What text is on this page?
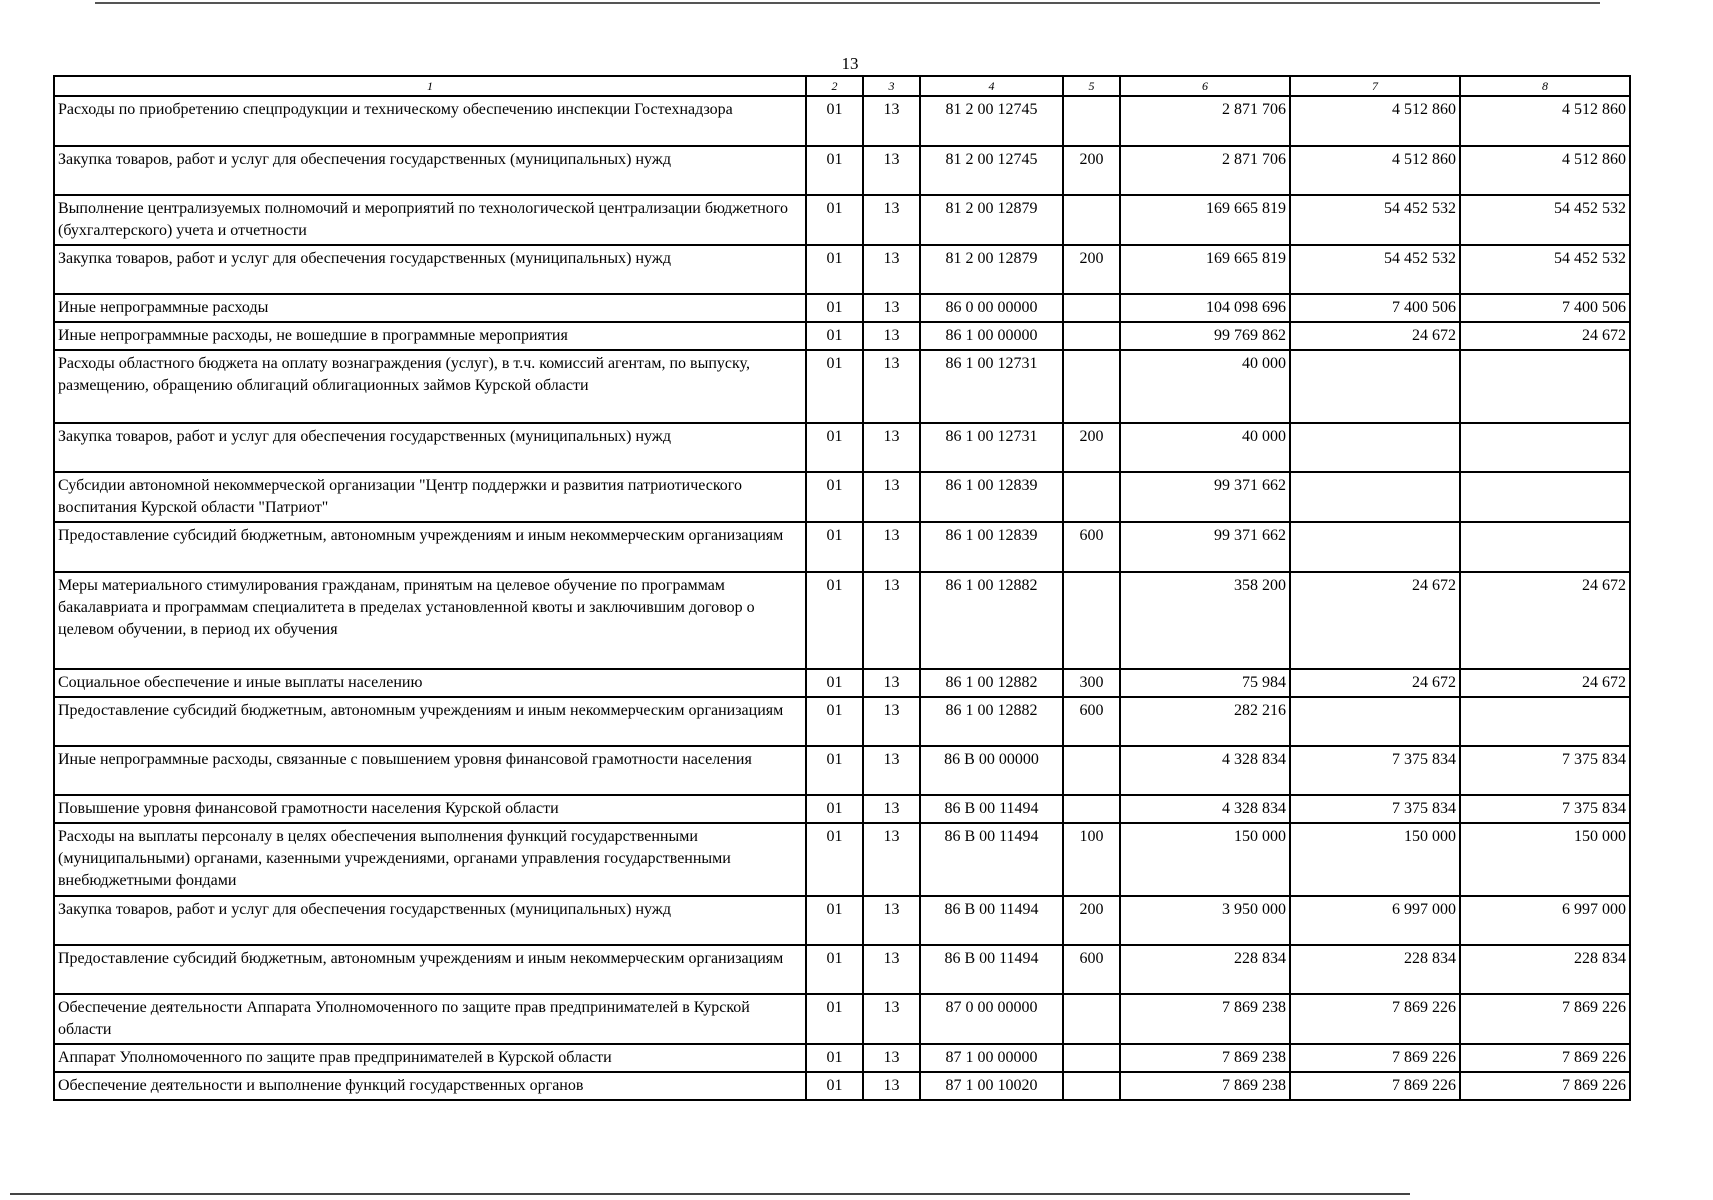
13
1	2	3	4	5	6	7	8
Расходы по приобретению спецпродукции и техническому обеспечению инспекции Гостехнадзора	01	13	81 2 00 12745		2 871 706	4 512 860	4 512 860
Закупка товаров, работ и услуг для обеспечения государственных (муниципальных) нужд	01	13	81 2 00 12745	200	2 871 706	4 512 860	4 512 860
Выполнение централизуемых полномочий и мероприятий по технологической централизации бюджетного (бухгалтерского) учета и отчетности	01	13	81 2 00 12879		169 665 819	54 452 532	54 452 532
Закупка товаров, работ и услуг для обеспечения государственных (муниципальных) нужд	01	13	81 2 00 12879	200	169 665 819	54 452 532	54 452 532
Иные непрограммные расходы	01	13	86 0 00 00000		104 098 696	7 400 506	7 400 506
Иные непрограммные расходы, не вошедшие в программные мероприятия	01	13	86 1 00 00000		99 769 862	24 672	24 672
Расходы областного бюджета на оплату вознаграждения (услуг), в т.ч. комиссий агентам, по выпуску, размещению, обращению облигаций облигационных займов Курской области	01	13	86 1 00 12731		40 000		
Закупка товаров, работ и услуг для обеспечения государственных (муниципальных) нужд	01	13	86 1 00 12731	200	40 000		
Субсидии автономной некоммерческой организации "Центр поддержки и развития патриотического воспитания Курской области "Патриот"	01	13	86 1 00 12839		99 371 662		
Предоставление субсидий бюджетным, автономным учреждениям и иным некоммерческим организациям	01	13	86 1 00 12839	600	99 371 662		
Меры материального стимулирования гражданам, принятым на целевое обучение по программам бакалавриата и программам специалитета в пределах установленной квоты и заключившим договор о целевом обучении, в период их обучения	01	13	86 1 00 12882		358 200	24 672	24 672
Социальное обеспечение и иные выплаты населению	01	13	86 1 00 12882	300	75 984	24 672	24 672
Предоставление субсидий бюджетным, автономным учреждениям и иным некоммерческим организациям	01	13	86 1 00 12882	600	282 216		
Иные непрограммные расходы, связанные с повышением уровня финансовой грамотности населения	01	13	86 В 00 00000		4 328 834	7 375 834	7 375 834
Повышение уровня финансовой грамотности населения Курской области	01	13	86 В 00 11494		4 328 834	7 375 834	7 375 834
Расходы на выплаты персоналу в целях обеспечения выполнения функций государственными (муниципальными) органами, казенными учреждениями, органами управления государственными внебюджетными фондами	01	13	86 В 00 11494	100	150 000	150 000	150 000
Закупка товаров, работ и услуг для обеспечения государственных (муниципальных) нужд	01	13	86 В 00 11494	200	3 950 000	6 997 000	6 997 000
Предоставление субсидий бюджетным, автономным учреждениям и иным некоммерческим организациям	01	13	86 В 00 11494	600	228 834	228 834	228 834
Обеспечение деятельности Аппарата Уполномоченного по защите прав предпринимателей в Курской области	01	13	87 0 00 00000		7 869 238	7 869 226	7 869 226
Аппарат Уполномоченного по защите прав предпринимателей в Курской области	01	13	87 1 00 00000		7 869 238	7 869 226	7 869 226
Обеспечение деятельности и выполнение функций государственных органов	01	13	87 1 00 10020		7 869 238	7 869 226	7 869 226
